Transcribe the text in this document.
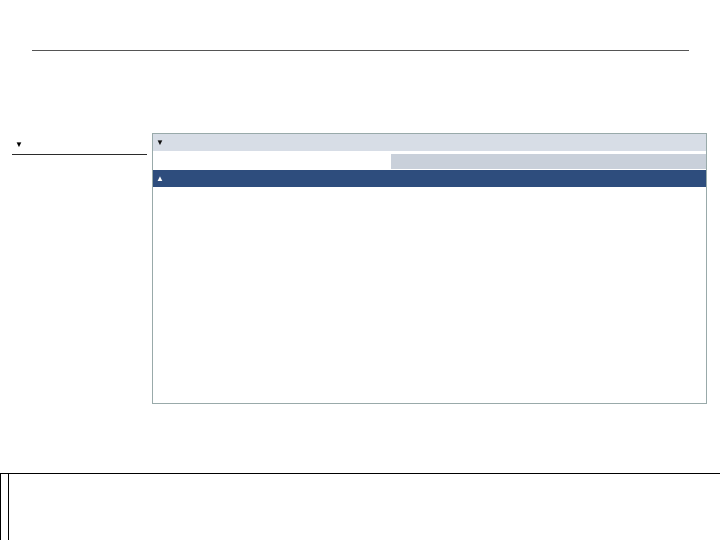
▼	▼
▲
